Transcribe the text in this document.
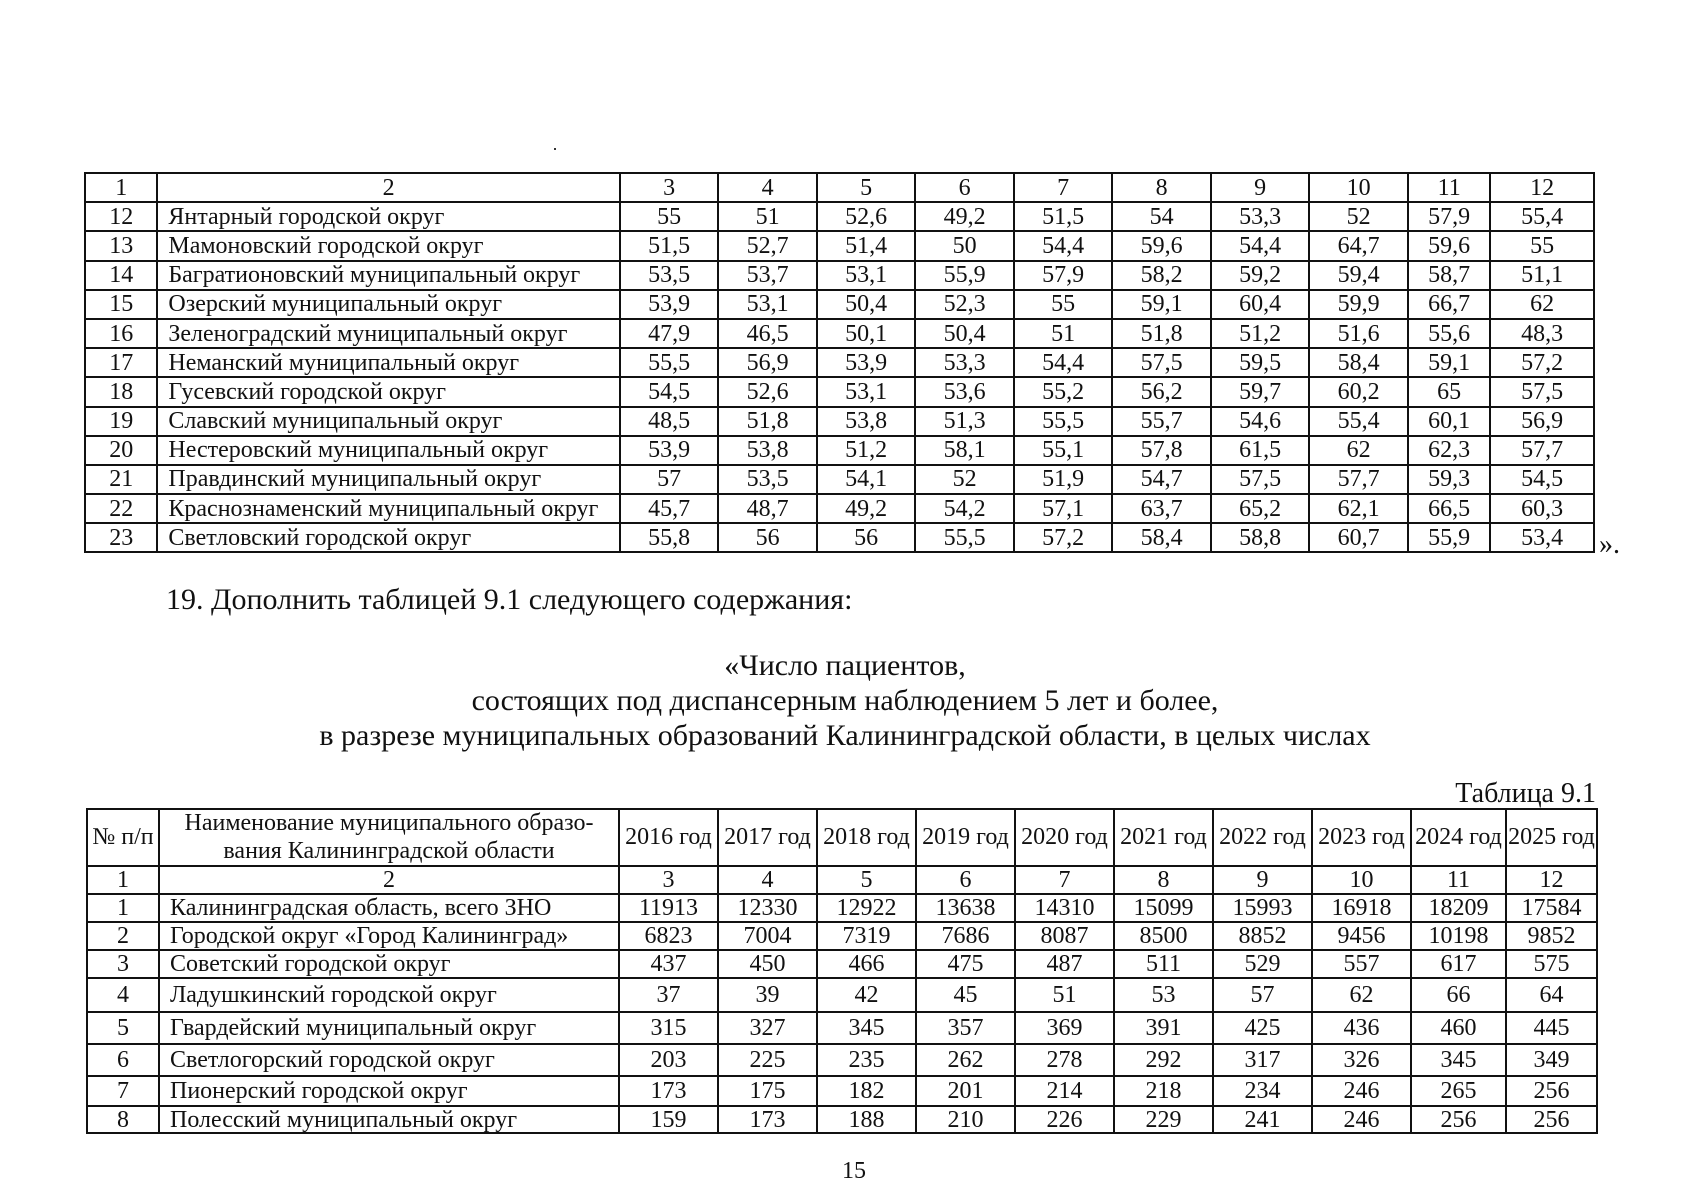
1	2	3	4	5	6	7	8	9	10	11	12
12	Янтарный городской округ	55	51	52,6	49,2	51,5	54	53,3	52	57,9	55,4
13	Мамоновский городской округ	51,5	52,7	51,4	50	54,4	59,6	54,4	64,7	59,6	55
14	Багратионовский муниципальный округ	53,5	53,7	53,1	55,9	57,9	58,2	59,2	59,4	58,7	51,1
15	Озерский муниципальный округ	53,9	53,1	50,4	52,3	55	59,1	60,4	59,9	66,7	62
16	Зеленоградский муниципальный округ	47,9	46,5	50,1	50,4	51	51,8	51,2	51,6	55,6	48,3
17	Неманский муниципальный округ	55,5	56,9	53,9	53,3	54,4	57,5	59,5	58,4	59,1	57,2
18	Гусевский городской округ	54,5	52,6	53,1	53,6	55,2	56,2	59,7	60,2	65	57,5
19	Славский муниципальный округ	48,5	51,8	53,8	51,3	55,5	55,7	54,6	55,4	60,1	56,9
20	Нестеровский муниципальный округ	53,9	53,8	51,2	58,1	55,1	57,8	61,5	62	62,3	57,7
21	Правдинский муниципальный округ	57	53,5	54,1	52	51,9	54,7	57,5	57,7	59,3	54,5
22	Краснознаменский муниципальный округ	45,7	48,7	49,2	54,2	57,1	63,7	65,2	62,1	66,5	60,3
23	Светловский городской округ	55,8	56	56	55,5	57,2	58,4	58,8	60,7	55,9	53,4 ».
19. Дополнить таблицей 9.1 следующего содержания:
«Число пациентов,
состоящих под диспансерным наблюдением 5 лет и более,
в разрезе муниципальных образований Калининградской области, в целых числах
Таблица 9.1
№ п/п	Наименование муниципального образо- вания Калининградской области	2016 год	2017 год	2018 год	2019 год	2020 год	2021 год	2022 год	2023 год	2024 год	2025 год
1	2	3	4	5	6	7	8	9	10	11	12
1	Калининградская область, всего ЗНО	11913	12330	12922	13638	14310	15099	15993	16918	18209	17584
2	Городской округ «Город Калининград»	6823	7004	7319	7686	8087	8500	8852	9456	10198	9852
3	Советский городской округ	437	450	466	475	487	511	529	557	617	575
4	Ладушкинский городской округ	37	39	42	45	51	53	57	62	66	64
5	Гвардейский муниципальный округ	315	327	345	357	369	391	425	436	460	445
6	Светлогорский городской округ	203	225	235	262	278	292	317	326	345	349
7	Пионерский городской округ	173	175	182	201	214	218	234	246	265	256
8	Полесский муниципальный округ	159	173	188	210	226	229	241	246	256	256
15
